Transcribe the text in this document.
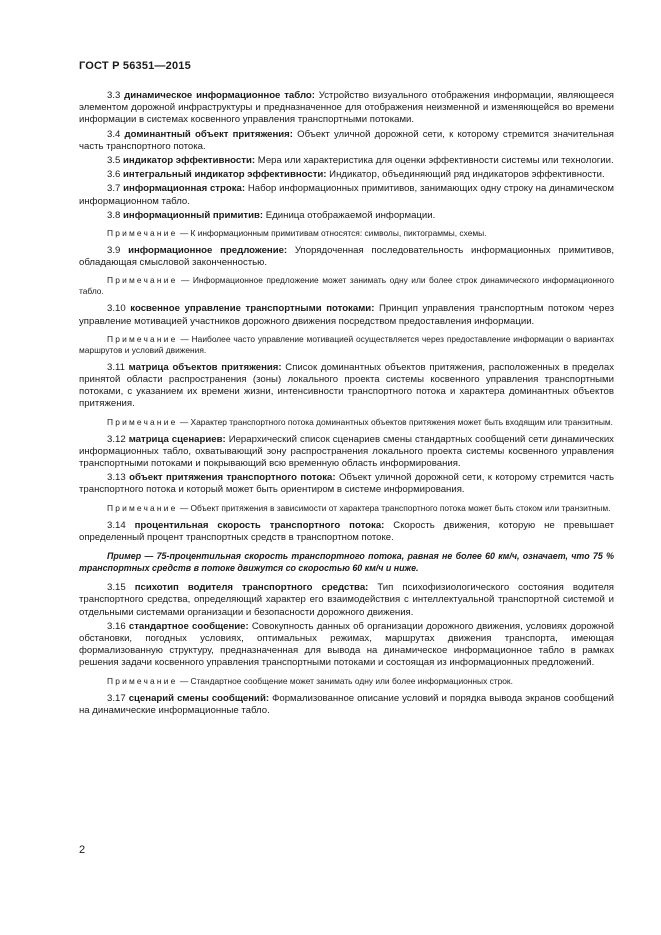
ГОСТ Р 56351—2015

3.3 динамическое информационное табло: Устройство визуального отображения информации, являющееся элементом дорожной инфраструктуры и предназначенное для отображения неизменной и изменяющейся во времени информации в системах косвенного управления транспортными потоками.

3.4 доминантный объект притяжения: Объект уличной дорожной сети, к которому стремится значительная часть транспортного потока.

3.5 индикатор эффективности: Мера или характеристика для оценки эффективности системы или технологии.

3.6 интегральный индикатор эффективности: Индикатор, объединяющий ряд индикаторов эффективности.

3.7 информационная строка: Набор информационных примитивов, занимающих одну строку на динамическом информационном табло.

3.8 информационный примитив: Единица отображаемой информации.

Примечание — К информационным примитивам относятся: символы, пиктограммы, схемы.

3.9 информационное предложение: Упорядоченная последовательность информационных примитивов, обладающая смысловой законченностью.

Примечание — Информационное предложение может занимать одну или более строк динамического информационного табло.

3.10 косвенное управление транспортными потоками: Принцип управления транспортным потоком через управление мотивацией участников дорожного движения посредством предоставления информации.

Примечание — Наиболее часто управление мотивацией осуществляется через предоставление информации о вариантах маршрутов и условий движения.

3.11 матрица объектов притяжения: Список доминантных объектов притяжения, расположенных в пределах принятой области распространения (зоны) локального проекта системы косвенного управления транспортными потоками, с указанием их времени жизни, интенсивности транспортного потока и характера доминантных объектов притяжения.

Примечание — Характер транспортного потока доминантных объектов притяжения может быть входящим или транзитным.

3.12 матрица сценариев: Иерархический список сценариев смены стандартных сообщений сети динамических информационных табло, охватывающий зону распространения локального проекта системы косвенного управления транспортными потоками и покрывающий всю временную область информирования.

3.13 объект притяжения транспортного потока: Объект уличной дорожной сети, к которому стремится часть транспортного потока и который может быть ориентиром в системе информирования.

Примечание — Объект притяжения в зависимости от характера транспортного потока может быть стоком или транзитным.

3.14 процентильная скорость транспортного потока: Скорость движения, которую не превышает определенный процент транспортных средств в транспортном потоке.

Пример — 75-процентильная скорость транспортного потока, равная не более 60 км/ч, означает, что 75 % транспортных средств в потоке движутся со скоростью 60 км/ч и ниже.

3.15 психотип водителя транспортного средства: Тип психофизиологического состояния водителя транспортного средства, определяющий характер его взаимодействия с интеллектуальной транспортной системой и отдельными системами организации и безопасности дорожного движения.

3.16 стандартное сообщение: Совокупность данных об организации дорожного движения, условиях дорожной обстановки, погодных условиях, оптимальных режимах, маршрутах движения транспорта, имеющая формализованную структуру, предназначенная для вывода на динамическое информационное табло в рамках решения задачи косвенного управления транспортными потоками и состоящая из информационных предложений.

Примечание — Стандартное сообщение может занимать одну или более информационных строк.

3.17 сценарий смены сообщений: Формализованное описание условий и порядка вывода экранов сообщений на динамические информационные табло.

2
